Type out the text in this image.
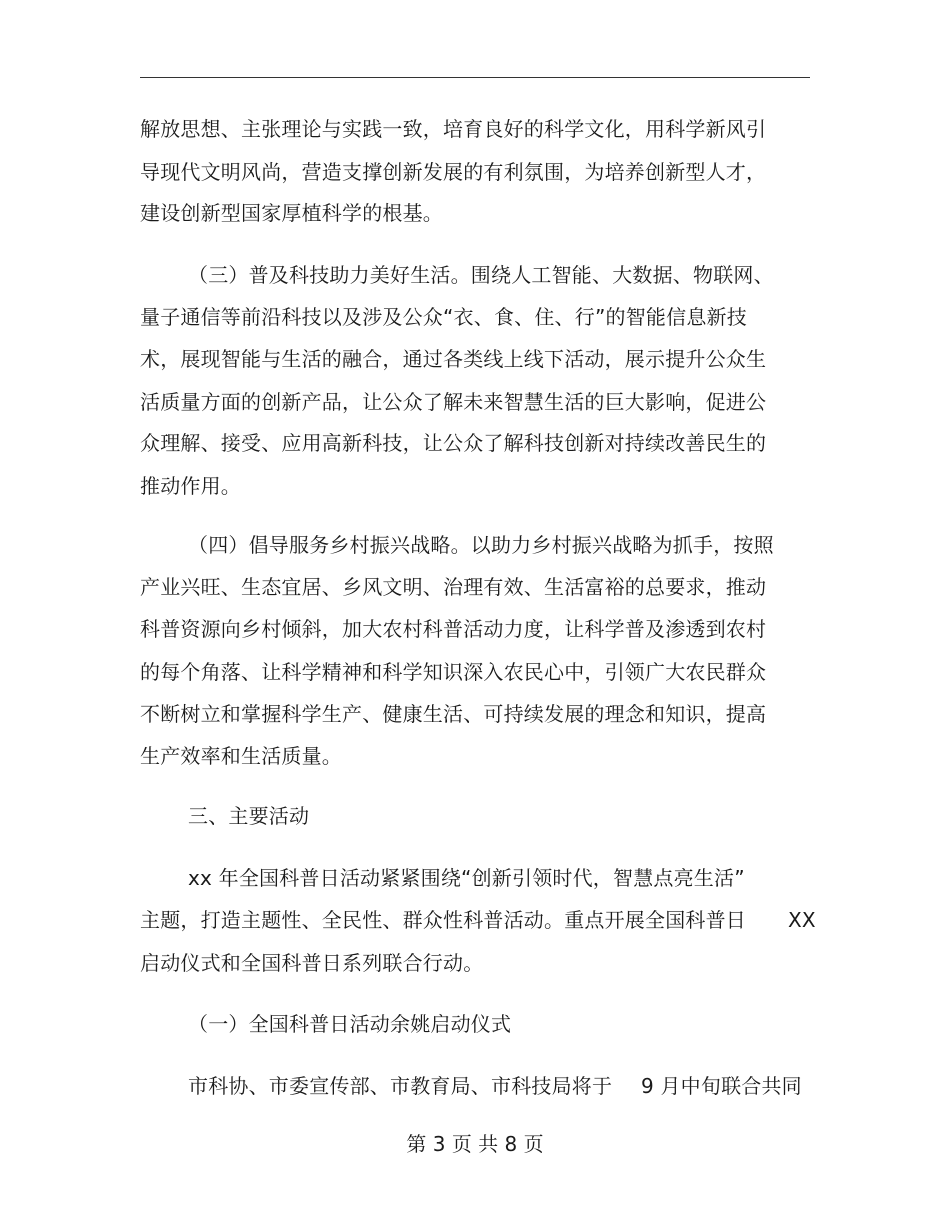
解放思想、主张理论与实践一致，培育良好的科学文化，用科学新风引
导现代文明风尚，营造支撑创新发展的有利氛围，为培养创新型人才，
建设创新型国家厚植科学的根基。
（三）普及科技助力美好生活。围绕人工智能、大数据、物联网、
量子通信等前沿科技以及涉及公众“衣、食、住、行”的智能信息新技
术，展现智能与生活的融合，通过各类线上线下活动，展示提升公众生
活质量方面的创新产品，让公众了解未来智慧生活的巨大影响，促进公
众理解、接受、应用高新科技，让公众了解科技创新对持续改善民生的
推动作用。
（四）倡导服务乡村振兴战略。以助力乡村振兴战略为抓手，按照
产业兴旺、生态宜居、乡风文明、治理有效、生活富裕的总要求，推动
科普资源向乡村倾斜，加大农村科普活动力度，让科学普及渗透到农村
的每个角落、让科学精神和科学知识深入农民心中，引领广大农民群众
不断树立和掌握科学生产、健康生活、可持续发展的理念和知识，提高
生产效率和生活质量。
三、主要活动
xx 年全国科普日活动紧紧围绕“创新引领时代，智慧点亮生活”
主题，打造主题性、全民性、群众性科普活动。重点开展全国科普日 XX
启动仪式和全国科普日系列联合行动。
（一）全国科普日活动余姚启动仪式
市科协、市委宣传部、市教育局、市科技局将于 9 月中旬联合共同
第 3 页 共 8 页
